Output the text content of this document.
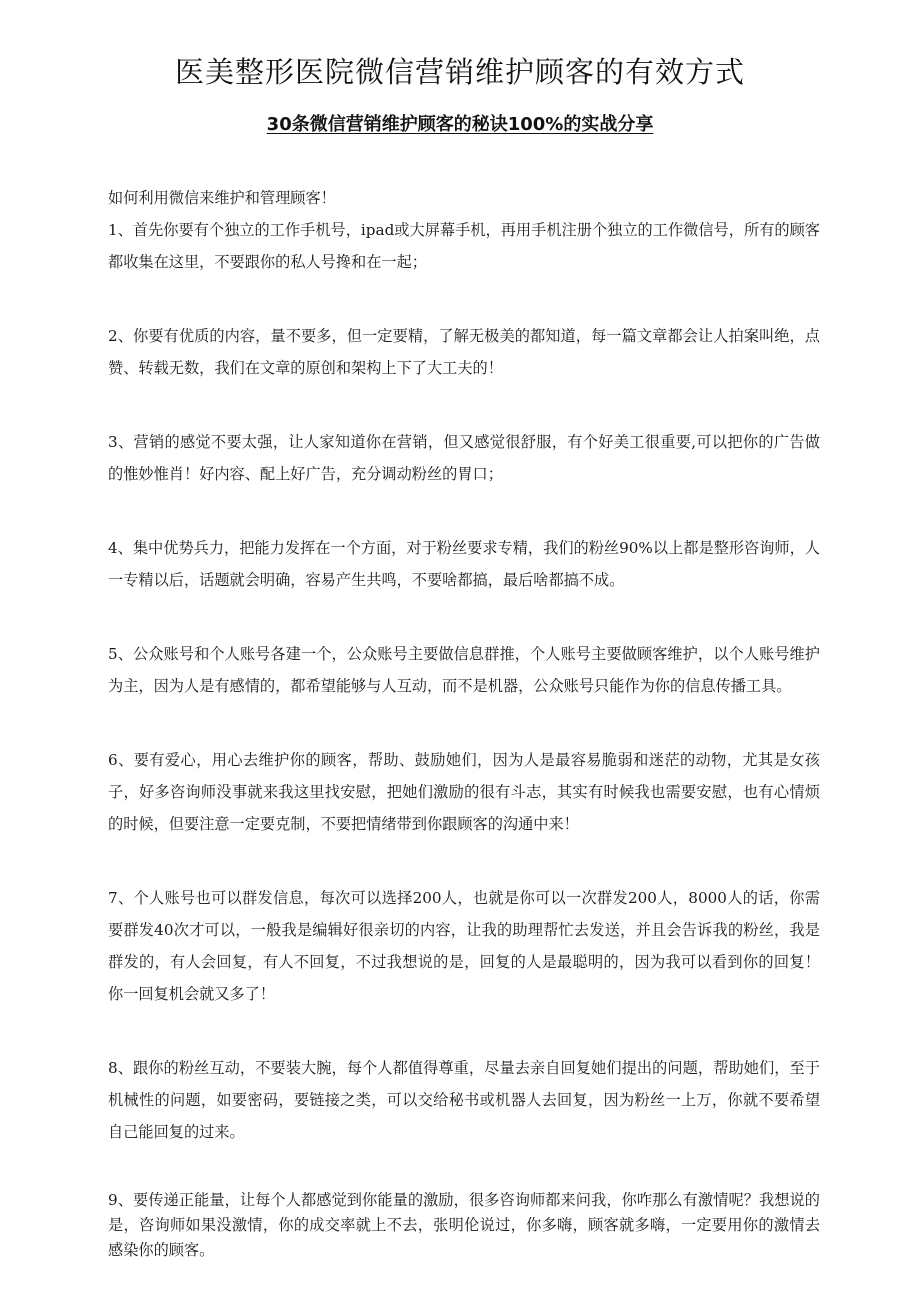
医美整形医院微信营销维护顾客的有效方式

30条微信营销维护顾客的秘诀100%的实战分享

如何利用微信来维护和管理顾客！

1、首先你要有个独立的工作手机号，ipad或大屏幕手机，再用手机注册个独立的工作微信号，所有的顾客都收集在这里，不要跟你的私人号搀和在一起；

2、你要有优质的内容，量不要多，但一定要精，了解无极美的都知道，每一篇文章都会让人拍案叫绝，点赞、转载无数，我们在文章的原创和架构上下了大工夫的！

3、营销的感觉不要太强，让人家知道你在营销，但又感觉很舒服，有个好美工很重要,可以把你的广告做的惟妙惟肖！好内容、配上好广告，充分调动粉丝的胃口；

4、集中优势兵力，把能力发挥在一个方面，对于粉丝要求专精，我们的粉丝90%以上都是整形咨询师，人一专精以后，话题就会明确，容易产生共鸣，不要啥都搞，最后啥都搞不成。

5、公众账号和个人账号各建一个，公众账号主要做信息群推，个人账号主要做顾客维护，以个人账号维护为主，因为人是有感情的，都希望能够与人互动，而不是机器，公众账号只能作为你的信息传播工具。

6、要有爱心，用心去维护你的顾客，帮助、鼓励她们，因为人是最容易脆弱和迷茫的动物，尤其是女孩子，好多咨询师没事就来我这里找安慰，把她们激励的很有斗志，其实有时候我也需要安慰，也有心情烦的时候，但要注意一定要克制，不要把情绪带到你跟顾客的沟通中来！

7、个人账号也可以群发信息，每次可以选择200人，也就是你可以一次群发200人，8000人的话，你需要群发40次才可以，一般我是编辑好很亲切的内容，让我的助理帮忙去发送，并且会告诉我的粉丝，我是群发的，有人会回复，有人不回复，不过我想说的是，回复的人是最聪明的，因为我可以看到你的回复！你一回复机会就又多了！

8、跟你的粉丝互动，不要装大腕，每个人都值得尊重，尽量去亲自回复她们提出的问题，帮助她们，至于机械性的问题，如要密码，要链接之类，可以交给秘书或机器人去回复，因为粉丝一上万，你就不要希望自己能回复的过来。

9、要传递正能量，让每个人都感觉到你能量的激励，很多咨询师都来问我，你咋那么有激情呢？我想说的是，咨询师如果没激情，你的成交率就上不去，张明伦说过，你多嗨，顾客就多嗨，一定要用你的激情去感染你的顾客。
